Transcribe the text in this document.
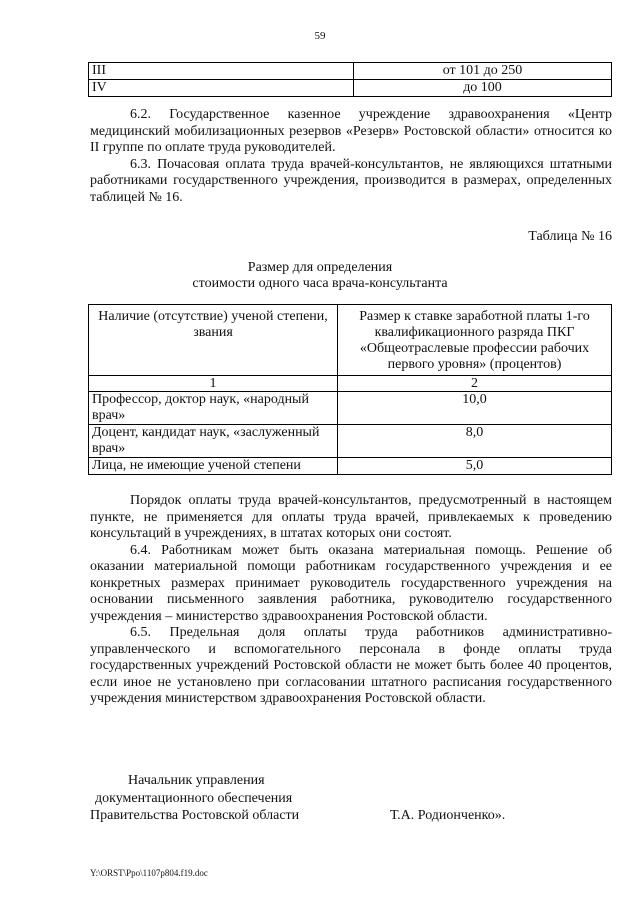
59
III	от 101 до 250
IV	до 100

6.2. Государственное казенное учреждение здравоохранения «Центр медицинский мобилизационных резервов «Резерв» Ростовской области» относится ко II группе по оплате труда руководителей.

6.3. Почасовая оплата труда врачей-консультантов, не являющихся штатными работниками государственного учреждения, производится в размерах, определенных таблицей № 16.

Таблица № 16
Размер для определения
стоимости одного часа врача-консультанта
Наличие (отсутствие) ученой степени, звания	Размер к ставке заработной платы 1-го квалификационного разряда ПКГ «Общеотраслевые профессии рабочих первого уровня» (процентов)
1	2
Профессор, доктор наук, «народный врач»	10,0
Доцент, кандидат наук, «заслуженный врач»	8,0
Лица, не имеющие ученой степени	5,0

Порядок оплаты труда врачей-консультантов, предусмотренный в настоящем пункте, не применяется для оплаты труда врачей, привлекаемых к проведению консультаций в учреждениях, в штатах которых они состоят.

6.4. Работникам может быть оказана материальная помощь. Решение об оказании материальной помощи работникам государственного учреждения и ее конкретных размерах принимает руководитель государственного учреждения на основании письменного заявления работника, руководителю государственного учреждения – министерство здравоохранения Ростовской области.

6.5. Предельная доля оплаты труда работников административно-управленческого и вспомогательного персонала в фонде оплаты труда государственных учреждений Ростовской области не может быть более 40 процентов, если иное не установлено при согласовании штатного расписания государственного учреждения министерством здравоохранения Ростовской области.

Начальник управления
документационного обеспечения
Правительства Ростовской области	Т.А. Родионченко».
Y:\ORST\Ppo\1107p804.f19.doc
